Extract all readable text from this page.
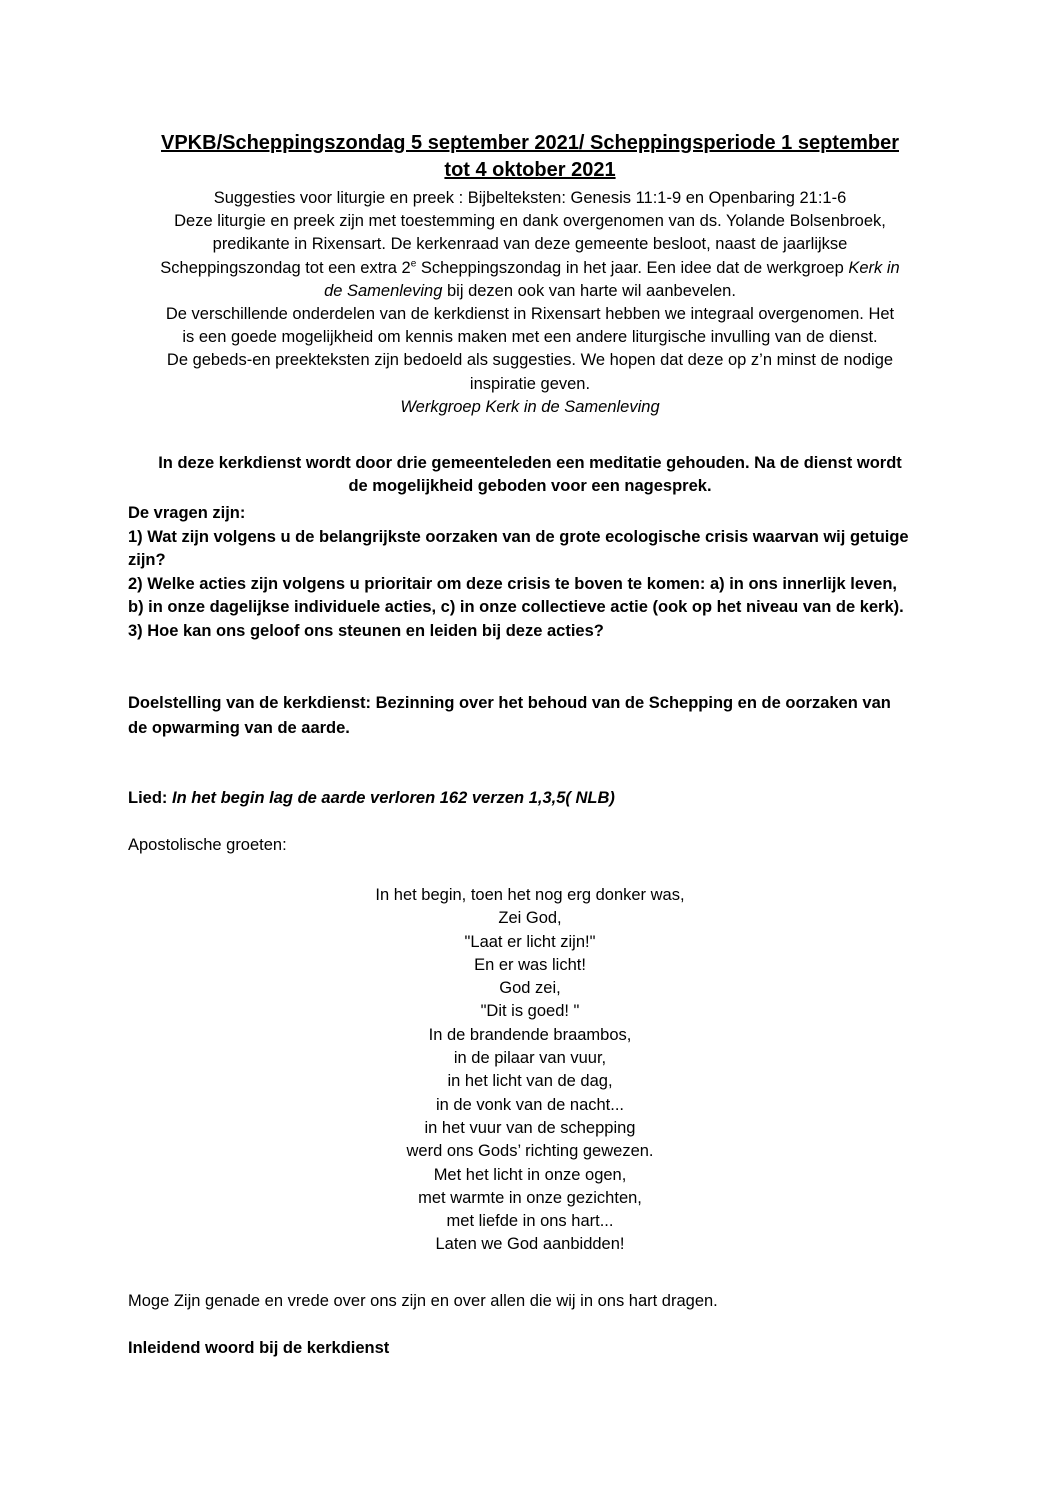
VPKB/Scheppingszondag 5 september 2021/ Scheppingsperiode 1 september
tot 4 oktober 2021
Suggesties voor liturgie en preek : Bijbelteksten: Genesis 11:1-9 en Openbaring 21:1-6
Deze liturgie en preek zijn met toestemming en dank overgenomen van ds. Yolande Bolsenbroek,
predikante in Rixensart. De kerkenraad van deze gemeente besloot, naast de jaarlijkse
Scheppingszondag tot een extra 2e Scheppingszondag in het jaar. Een idee dat de werkgroep Kerk in
de Samenleving bij dezen ook van harte wil aanbevelen.
De verschillende onderdelen van de kerkdienst in Rixensart hebben we integraal overgenomen. Het
is een goede mogelijkheid om kennis maken met een andere liturgische invulling van de dienst.
De gebeds-en preekteksten zijn bedoeld als suggesties. We hopen dat deze op z’n minst de nodige
inspiratie geven.
Werkgroep Kerk in de Samenleving
In deze kerkdienst wordt door drie gemeenteleden een meditatie gehouden. Na de dienst wordt
de mogelijkheid geboden voor een nagesprek.
De vragen zijn:
1) Wat zijn volgens u de belangrijkste oorzaken van de grote ecologische crisis waarvan wij getuige
zijn?
2) Welke acties zijn volgens u prioritair om deze crisis te boven te komen: a) in ons innerlijk leven,
b) in onze dagelijkse individuele acties, c) in onze collectieve actie (ook op het niveau van de kerk).
3) Hoe kan ons geloof ons steunen en leiden bij deze acties?
Doelstelling van de kerkdienst: Bezinning over het behoud van de Schepping en de oorzaken van
de opwarming van de aarde.
Lied: In het begin lag de aarde verloren 162 verzen 1,3,5( NLB)
Apostolische groeten:
In het begin, toen het nog erg donker was,
Zei God,
"Laat er licht zijn!"
En er was licht!
God zei,
"Dit is goed! "
In de brandende braambos,
in de pilaar van vuur,
in het licht van de dag,
in de vonk van de nacht...
in het vuur van de schepping
werd ons Gods’ richting gewezen.
Met het licht in onze ogen,
met warmte in onze gezichten,
met liefde in ons hart...
Laten we God aanbidden!
Moge Zijn genade en vrede over ons zijn en over allen die wij in ons hart dragen.
Inleidend woord bij de kerkdienst
